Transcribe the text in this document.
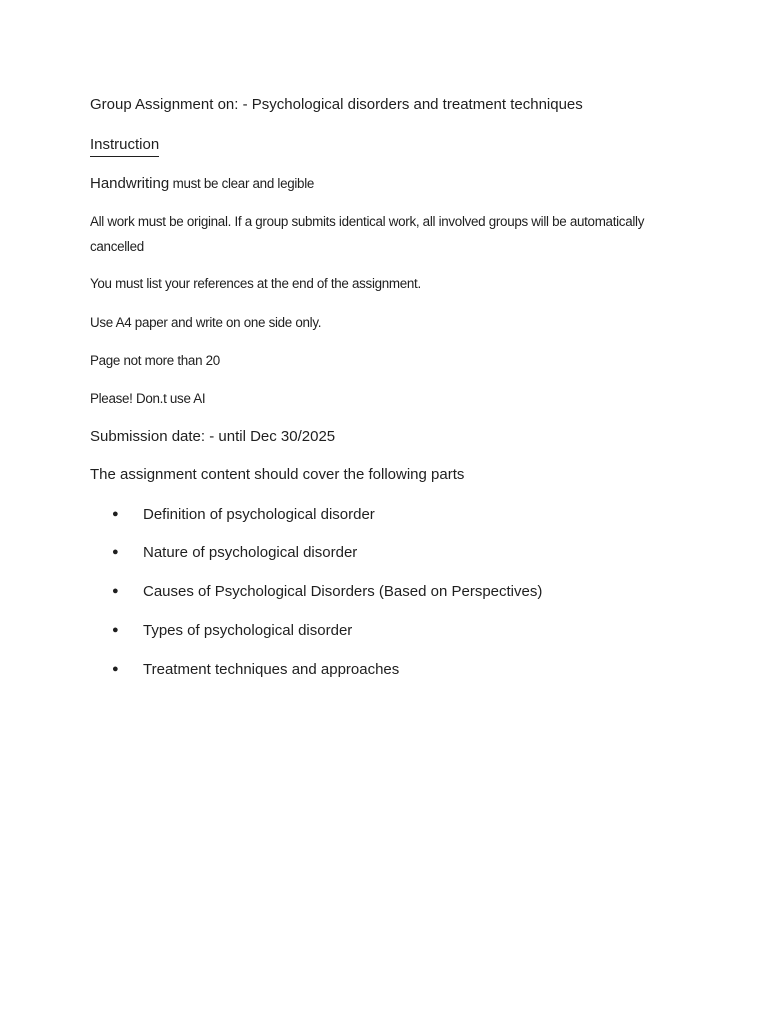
Group Assignment on: - Psychological disorders and treatment techniques

Instruction

Handwriting must be clear and legible

All work must be original. If a group submits identical work, all involved groups will be automatically

cancelled

You must list your references at the end of the assignment.

Use A4 paper and write on one side only.

Page not more than 20

Please! Don.t use AI

Submission date: - until Dec 30/2025

The assignment content should cover the following parts

● Definition of psychological disorder
● Nature of psychological disorder
● Causes of Psychological Disorders (Based on Perspectives)
● Types of psychological disorder
● Treatment techniques and approaches
